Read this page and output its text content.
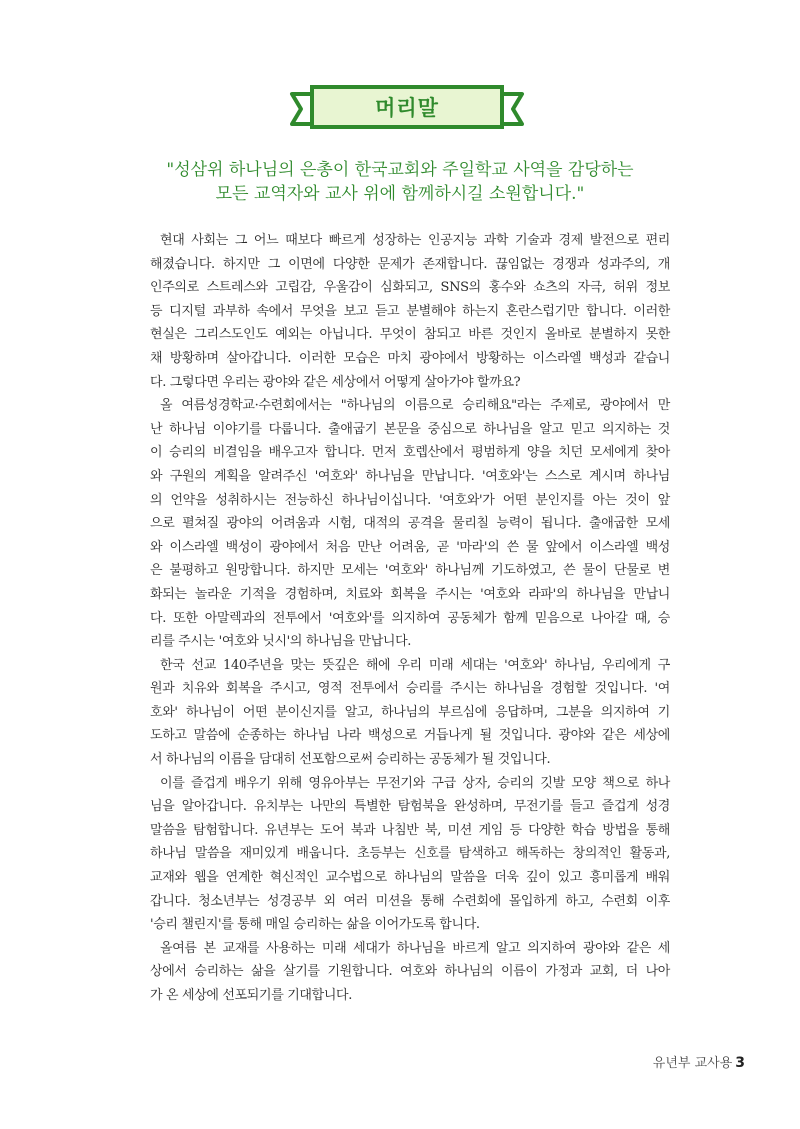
머리말
"성삼위 하나님의 은총이 한국교회와 주일학교 사역을 감당하는
모든 교역자와 교사 위에 함께하시길 소원합니다."
현대 사회는 그 어느 때보다 빠르게 성장하는 인공지능 과학 기술과 경제 발전으로 편리
해졌습니다. 하지만 그 이면에 다양한 문제가 존재합니다. 끊임없는 경쟁과 성과주의, 개
인주의로 스트레스와 고립감, 우울감이 심화되고, SNS의 홍수와 쇼츠의 자극, 허위 정보
등 디지털 과부하 속에서 무엇을 보고 듣고 분별해야 하는지 혼란스럽기만 합니다. 이러한
현실은 그리스도인도 예외는 아닙니다. 무엇이 참되고 바른 것인지 올바로 분별하지 못한
채 방황하며 살아갑니다. 이러한 모습은 마치 광야에서 방황하는 이스라엘 백성과 같습니
다. 그렇다면 우리는 광야와 같은 세상에서 어떻게 살아가야 할까요?
올 여름성경학교·수련회에서는 "하나님의 이름으로 승리해요"라는 주제로, 광야에서 만
난 하나님 이야기를 다룹니다. 출애굽기 본문을 중심으로 하나님을 알고 믿고 의지하는 것
이 승리의 비결임을 배우고자 합니다. 먼저 호렙산에서 평범하게 양을 치던 모세에게 찾아
와 구원의 계획을 알려주신 '여호와' 하나님을 만납니다. '여호와'는 스스로 계시며 하나님
의 언약을 성취하시는 전능하신 하나님이십니다. '여호와'가 어떤 분인지를 아는 것이 앞
으로 펼쳐질 광야의 어려움과 시험, 대적의 공격을 물리칠 능력이 됩니다. 출애굽한 모세
와 이스라엘 백성이 광야에서 처음 만난 어려움, 곧 '마라'의 쓴 물 앞에서 이스라엘 백성
은 불평하고 원망합니다. 하지만 모세는 '여호와' 하나님께 기도하였고, 쓴 물이 단물로 변
화되는 놀라운 기적을 경험하며, 치료와 회복을 주시는 '여호와 라파'의 하나님을 만납니
다. 또한 아말렉과의 전투에서 '여호와'를 의지하여 공동체가 함께 믿음으로 나아갈 때, 승
리를 주시는 '여호와 닛시'의 하나님을 만납니다.
한국 선교 140주년을 맞는 뜻깊은 해에 우리 미래 세대는 '여호와' 하나님, 우리에게 구
원과 치유와 회복을 주시고, 영적 전투에서 승리를 주시는 하나님을 경험할 것입니다. '여
호와' 하나님이 어떤 분이신지를 알고, 하나님의 부르심에 응답하며, 그분을 의지하여 기
도하고 말씀에 순종하는 하나님 나라 백성으로 거듭나게 될 것입니다. 광야와 같은 세상에
서 하나님의 이름을 담대히 선포함으로써 승리하는 공동체가 될 것입니다.
이를 즐겁게 배우기 위해 영유아부는 무전기와 구급 상자, 승리의 깃발 모양 책으로 하나
님을 알아갑니다. 유치부는 나만의 특별한 탐험북을 완성하며, 무전기를 들고 즐겁게 성경
말씀을 탐험합니다. 유년부는 도어 북과 나침반 북, 미션 게임 등 다양한 학습 방법을 통해
하나님 말씀을 재미있게 배웁니다. 초등부는 신호를 탐색하고 해독하는 창의적인 활동과,
교재와 웹을 연계한 혁신적인 교수법으로 하나님의 말씀을 더욱 깊이 있고 흥미롭게 배워
갑니다. 청소년부는 성경공부 외 여러 미션을 통해 수련회에 몰입하게 하고, 수련회 이후
'승리 챌린지'를 통해 매일 승리하는 삶을 이어가도록 합니다.
올여름 본 교재를 사용하는 미래 세대가 하나님을 바르게 알고 의지하여 광야와 같은 세
상에서 승리하는 삶을 살기를 기원합니다. 여호와 하나님의 이름이 가정과 교회, 더 나아
가 온 세상에 선포되기를 기대합니다.
유년부 교사용 3
